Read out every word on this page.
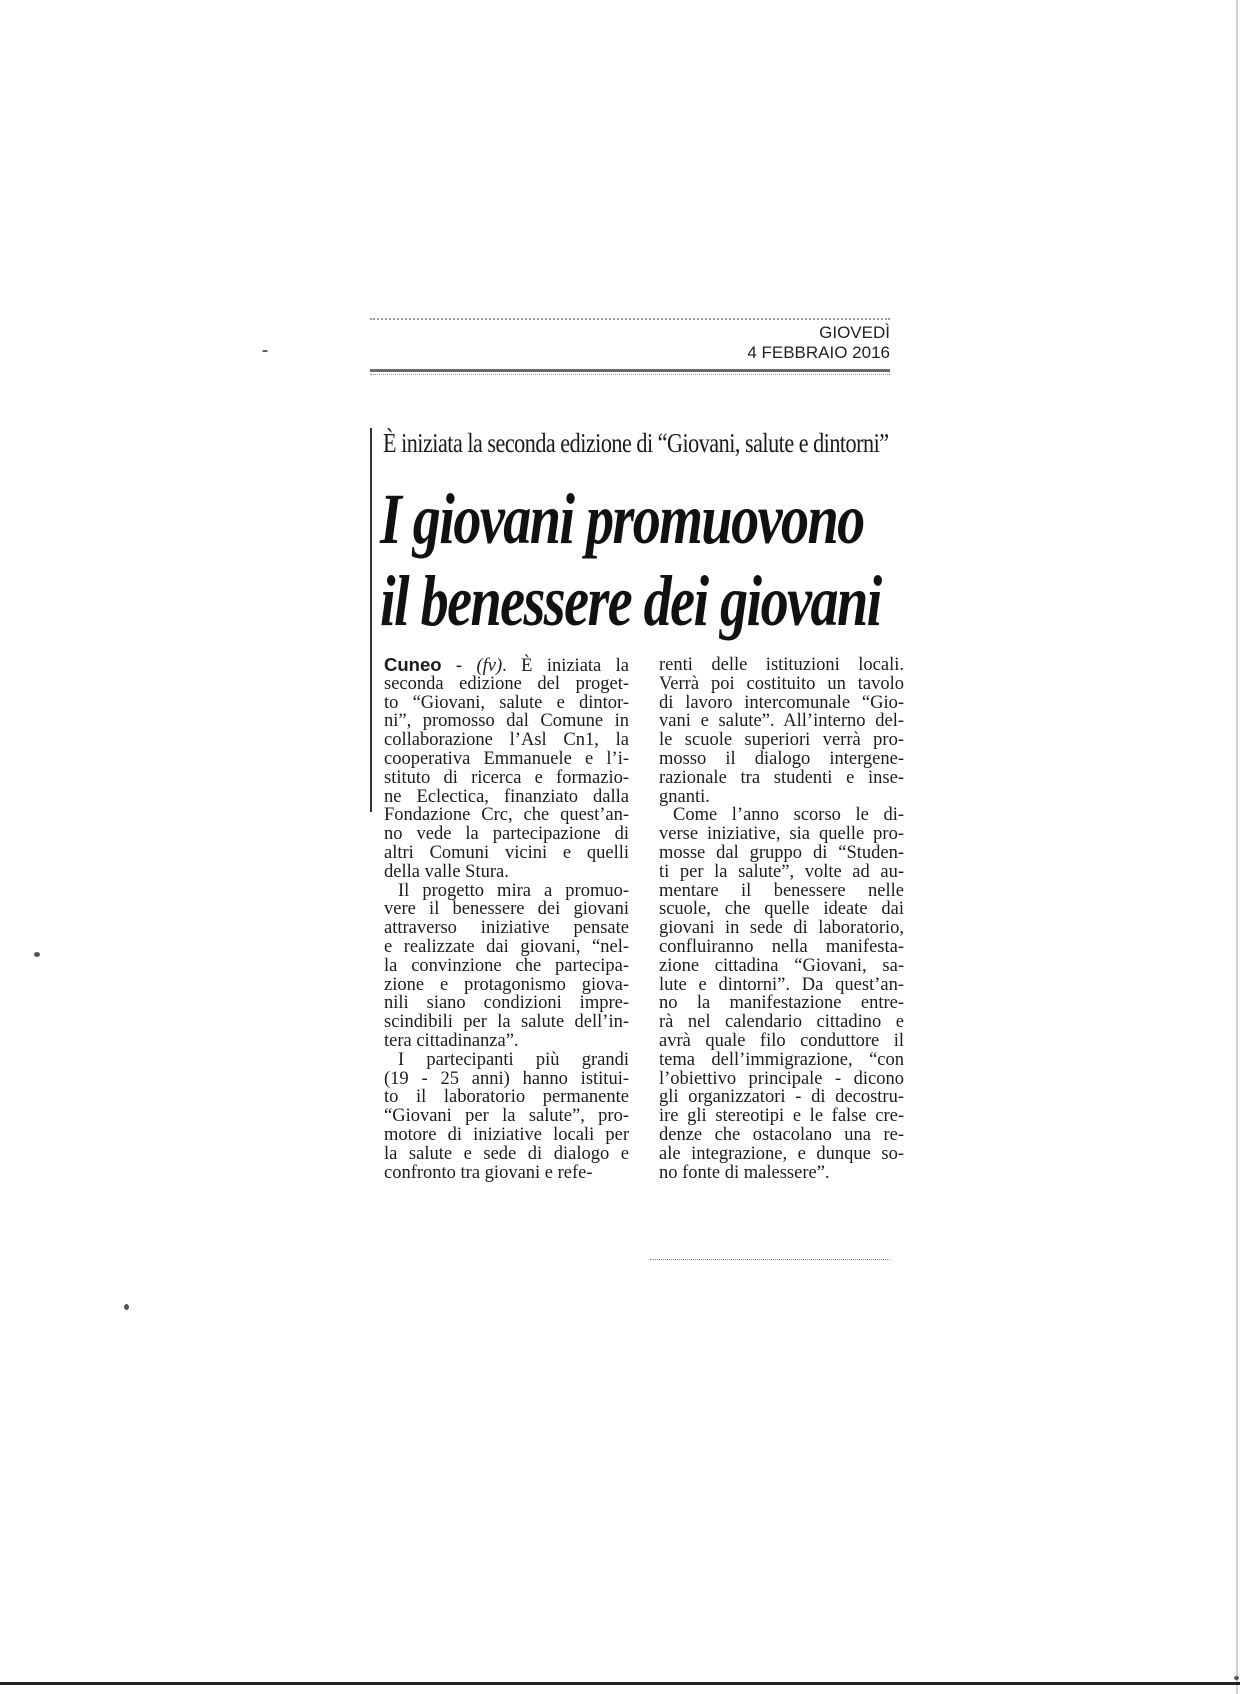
GIOVEDÌ
4 FEBBRAIO 2016
È iniziata la seconda edizione di “Giovani, salute e dintorni”
I giovani promuovono
il benessere dei giovani
Cuneo - (fv). È iniziata la
seconda edizione del proget-
to “Giovani, salute e dintor-
ni”, promosso dal Comune in
collaborazione l’Asl Cn1, la
cooperativa Emmanuele e l’i-
stituto di ricerca e formazio-
ne Eclectica, finanziato dalla
Fondazione Crc, che quest’an-
no vede la partecipazione di
altri Comuni vicini e quelli
della valle Stura.
Il progetto mira a promuo-
vere il benessere dei giovani
attraverso iniziative pensate
e realizzate dai giovani, “nel-
la convinzione che partecipa-
zione e protagonismo giova-
nili siano condizioni impre-
scindibili per la salute dell’in-
tera cittadinanza”.
I partecipanti più grandi
(19 - 25 anni) hanno istitui-
to il laboratorio permanente
“Giovani per la salute”, pro-
motore di iniziative locali per
la salute e sede di dialogo e
confronto tra giovani e refe-
renti delle istituzioni locali.
Verrà poi costituito un tavolo
di lavoro intercomunale “Gio-
vani e salute”. All’interno del-
le scuole superiori verrà pro-
mosso il dialogo intergene-
razionale tra studenti e inse-
gnanti.
Come l’anno scorso le di-
verse iniziative, sia quelle pro-
mosse dal gruppo di “Studen-
ti per la salute”, volte ad au-
mentare il benessere nelle
scuole, che quelle ideate dai
giovani in sede di laboratorio,
confluiranno nella manifesta-
zione cittadina “Giovani, sa-
lute e dintorni”. Da quest’an-
no la manifestazione entre-
rà nel calendario cittadino e
avrà quale filo conduttore il
tema dell’immigrazione, “con
l’obiettivo principale - dicono
gli organizzatori - di decostru-
ire gli stereotipi e le false cre-
denze che ostacolano una re-
ale integrazione, e dunque so-
no fonte di malessere”.
